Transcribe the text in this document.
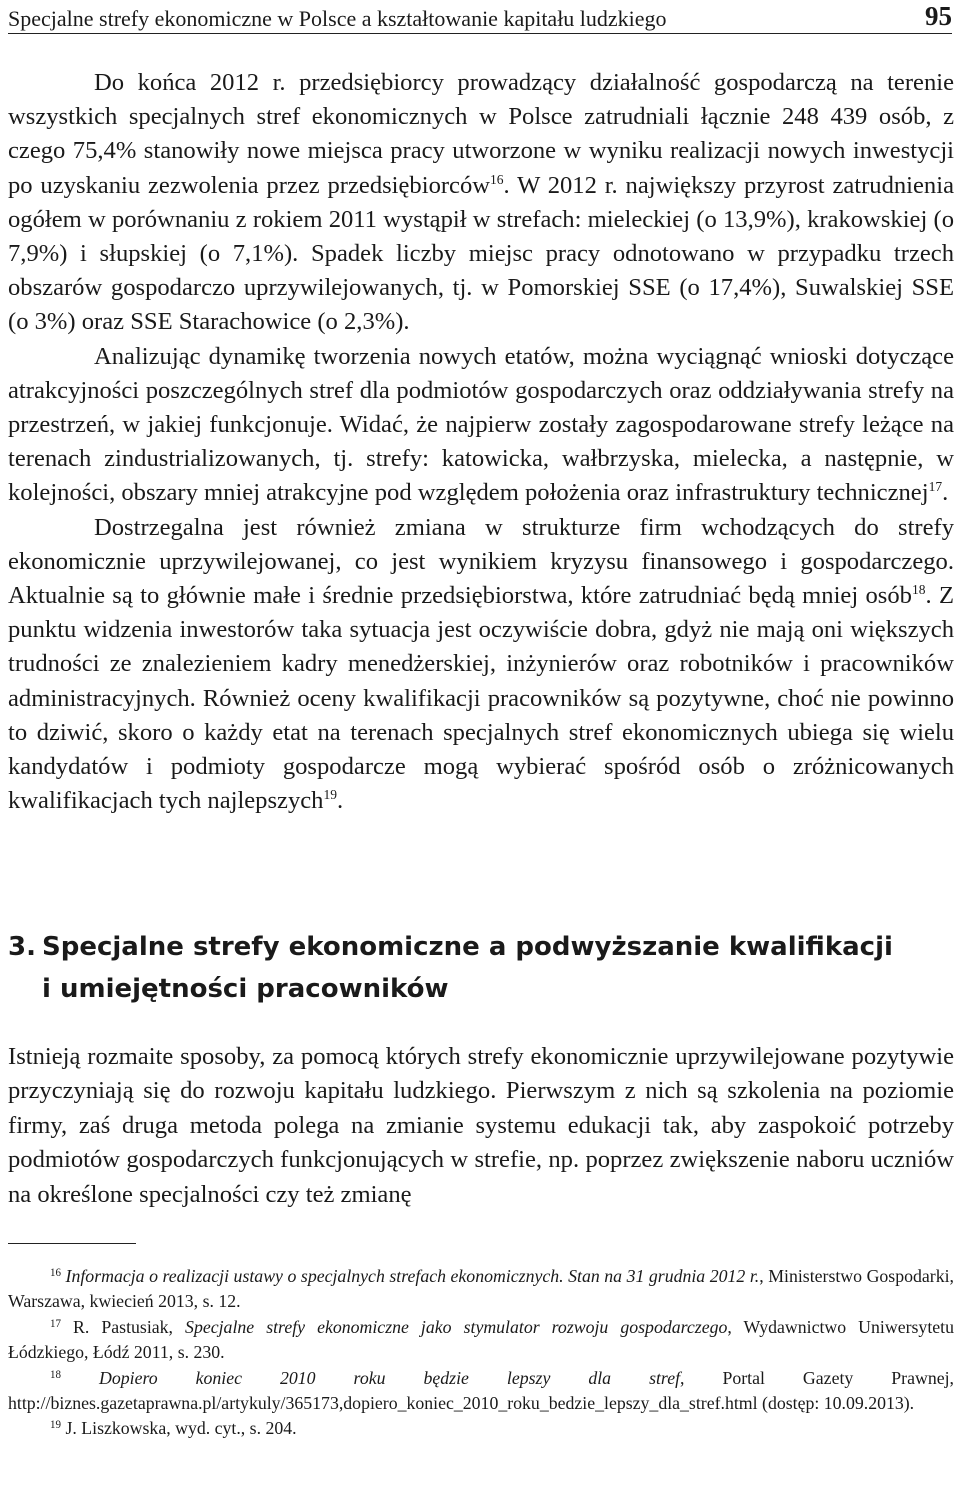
Specjalne strefy ekonomiczne w Polsce a kształtowanie kapitału ludzkiego	95

Do końca 2012 r. przedsiębiorcy prowadzący działalność gospodarczą na terenie wszystkich specjalnych stref ekonomicznych w Polsce zatrudniali łącznie 248 439 osób, z czego 75,4% stanowiły nowe miejsca pracy utworzone w wyniku realizacji nowych inwestycji po uzyskaniu zezwolenia przez przedsiębiorców$^{16}$. W 2012 r. największy przyrost zatrudnienia ogółem w porównaniu z rokiem 2011 wystąpił w strefach: mieleckiej (o 13,9%), krakowskiej (o 7,9%) i słupskiej (o 7,1%). Spadek liczby miejsc pracy odnotowano w przypadku trzech obszarów gospodarczo uprzywilejowanych, tj. w Pomorskiej SSE (o 17,4%), Suwalskiej SSE (o 3%) oraz SSE Starachowice (o 2,3%).

Analizując dynamikę tworzenia nowych etatów, można wyciągnąć wnioski dotyczące atrakcyjności poszczególnych stref dla podmiotów gospodarczych oraz oddziaływania strefy na przestrzeń, w jakiej funkcjonuje. Widać, że najpierw zostały zagospodarowane strefy leżące na terenach zindustrializowanych, tj. strefy: katowicka, wałbrzyska, mielecka, a następnie, w kolejności, obszary mniej atrakcyjne pod względem położenia oraz infrastruktury technicznej$^{17}$.

Dostrzegalna jest również zmiana w strukturze firm wchodzących do strefy ekonomicznie uprzywilejowanej, co jest wynikiem kryzysu finansowego i gospodarczego. Aktualnie są to głównie małe i średnie przedsiębiorstwa, które zatrudniać będą mniej osób$^{18}$. Z punktu widzenia inwestorów taka sytuacja jest oczywiście dobra, gdyż nie mają oni większych trudności ze znalezieniem kadry menedżerskiej, inżynierów oraz robotników i pracowników administracyjnych. Również oceny kwalifikacji pracowników są pozytywne, choć nie powinno to dziwić, skoro o każdy etat na terenach specjalnych stref ekonomicznych ubiega się wielu kandydatów i podmioty gospodarcze mogą wybierać spośród osób o zróżnicowanych kwalifikacjach tych najlepszych$^{19}$.

3. Specjalne strefy ekonomiczne a podwyższanie kwalifikacji
i umiejętności pracowników

Istnieją rozmaite sposoby, za pomocą których strefy ekonomicznie uprzywilejowane pozytywie przyczyniają się do rozwoju kapitału ludzkiego. Pierwszym z nich są szkolenia na poziomie firmy, zaś druga metoda polega na zmianie systemu edukacji tak, aby zaspokoić potrzeby podmiotów gospodarczych funkcjonujących w strefie, np. poprzez zwiększenie naboru uczniów na określone specjalności czy też zmianę

$^{16}$ Informacja o realizacji ustawy o specjalnych strefach ekonomicznych. Stan na 31 grudnia 2012 r., Ministerstwo Gospodarki, Warszawa, kwiecień 2013, s. 12.

$^{17}$ R. Pastusiak, Specjalne strefy ekonomiczne jako stymulator rozwoju gospodarczego, Wydawnictwo Uniwersytetu Łódzkiego, Łódź 2011, s. 230.

$^{18}$ Dopiero koniec 2010 roku będzie lepszy dla stref, Portal Gazety Prawnej, http://biznes.gazetaprawna.pl/artykuly/365173,dopiero_koniec_2010_roku_bedzie_lepszy_dla_stref.html (dostęp: 10.09.2013).

$^{19}$ J. Liszkowska, wyd. cyt., s. 204.
